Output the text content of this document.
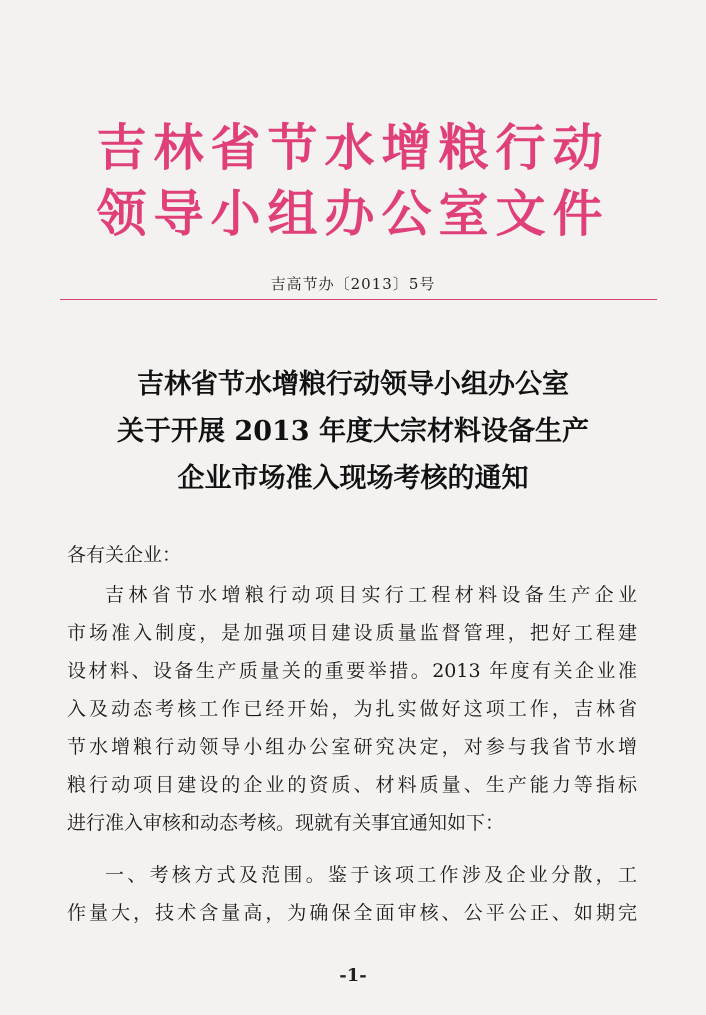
吉林省节水增粮行动
领导小组办公室文件
吉高节办〔2013〕5号
吉林省节水增粮行动领导小组办公室
关于开展 2013 年度大宗材料设备生产
企业市场准入现场考核的通知
各有关企业：
吉林省节水增粮行动项目实行工程材料设备生产企业
市场准入制度，是加强项目建设质量监督管理，把好工程建
设材料、设备生产质量关的重要举措。2013 年度有关企业准
入及动态考核工作已经开始，为扎实做好这项工作，吉林省
节水增粮行动领导小组办公室研究决定，对参与我省节水增
粮行动项目建设的企业的资质、材料质量、生产能力等指标
进行准入审核和动态考核。现就有关事宜通知如下：
一、考核方式及范围。鉴于该项工作涉及企业分散，工
作量大，技术含量高，为确保全面审核、公平公正、如期完
-1-
